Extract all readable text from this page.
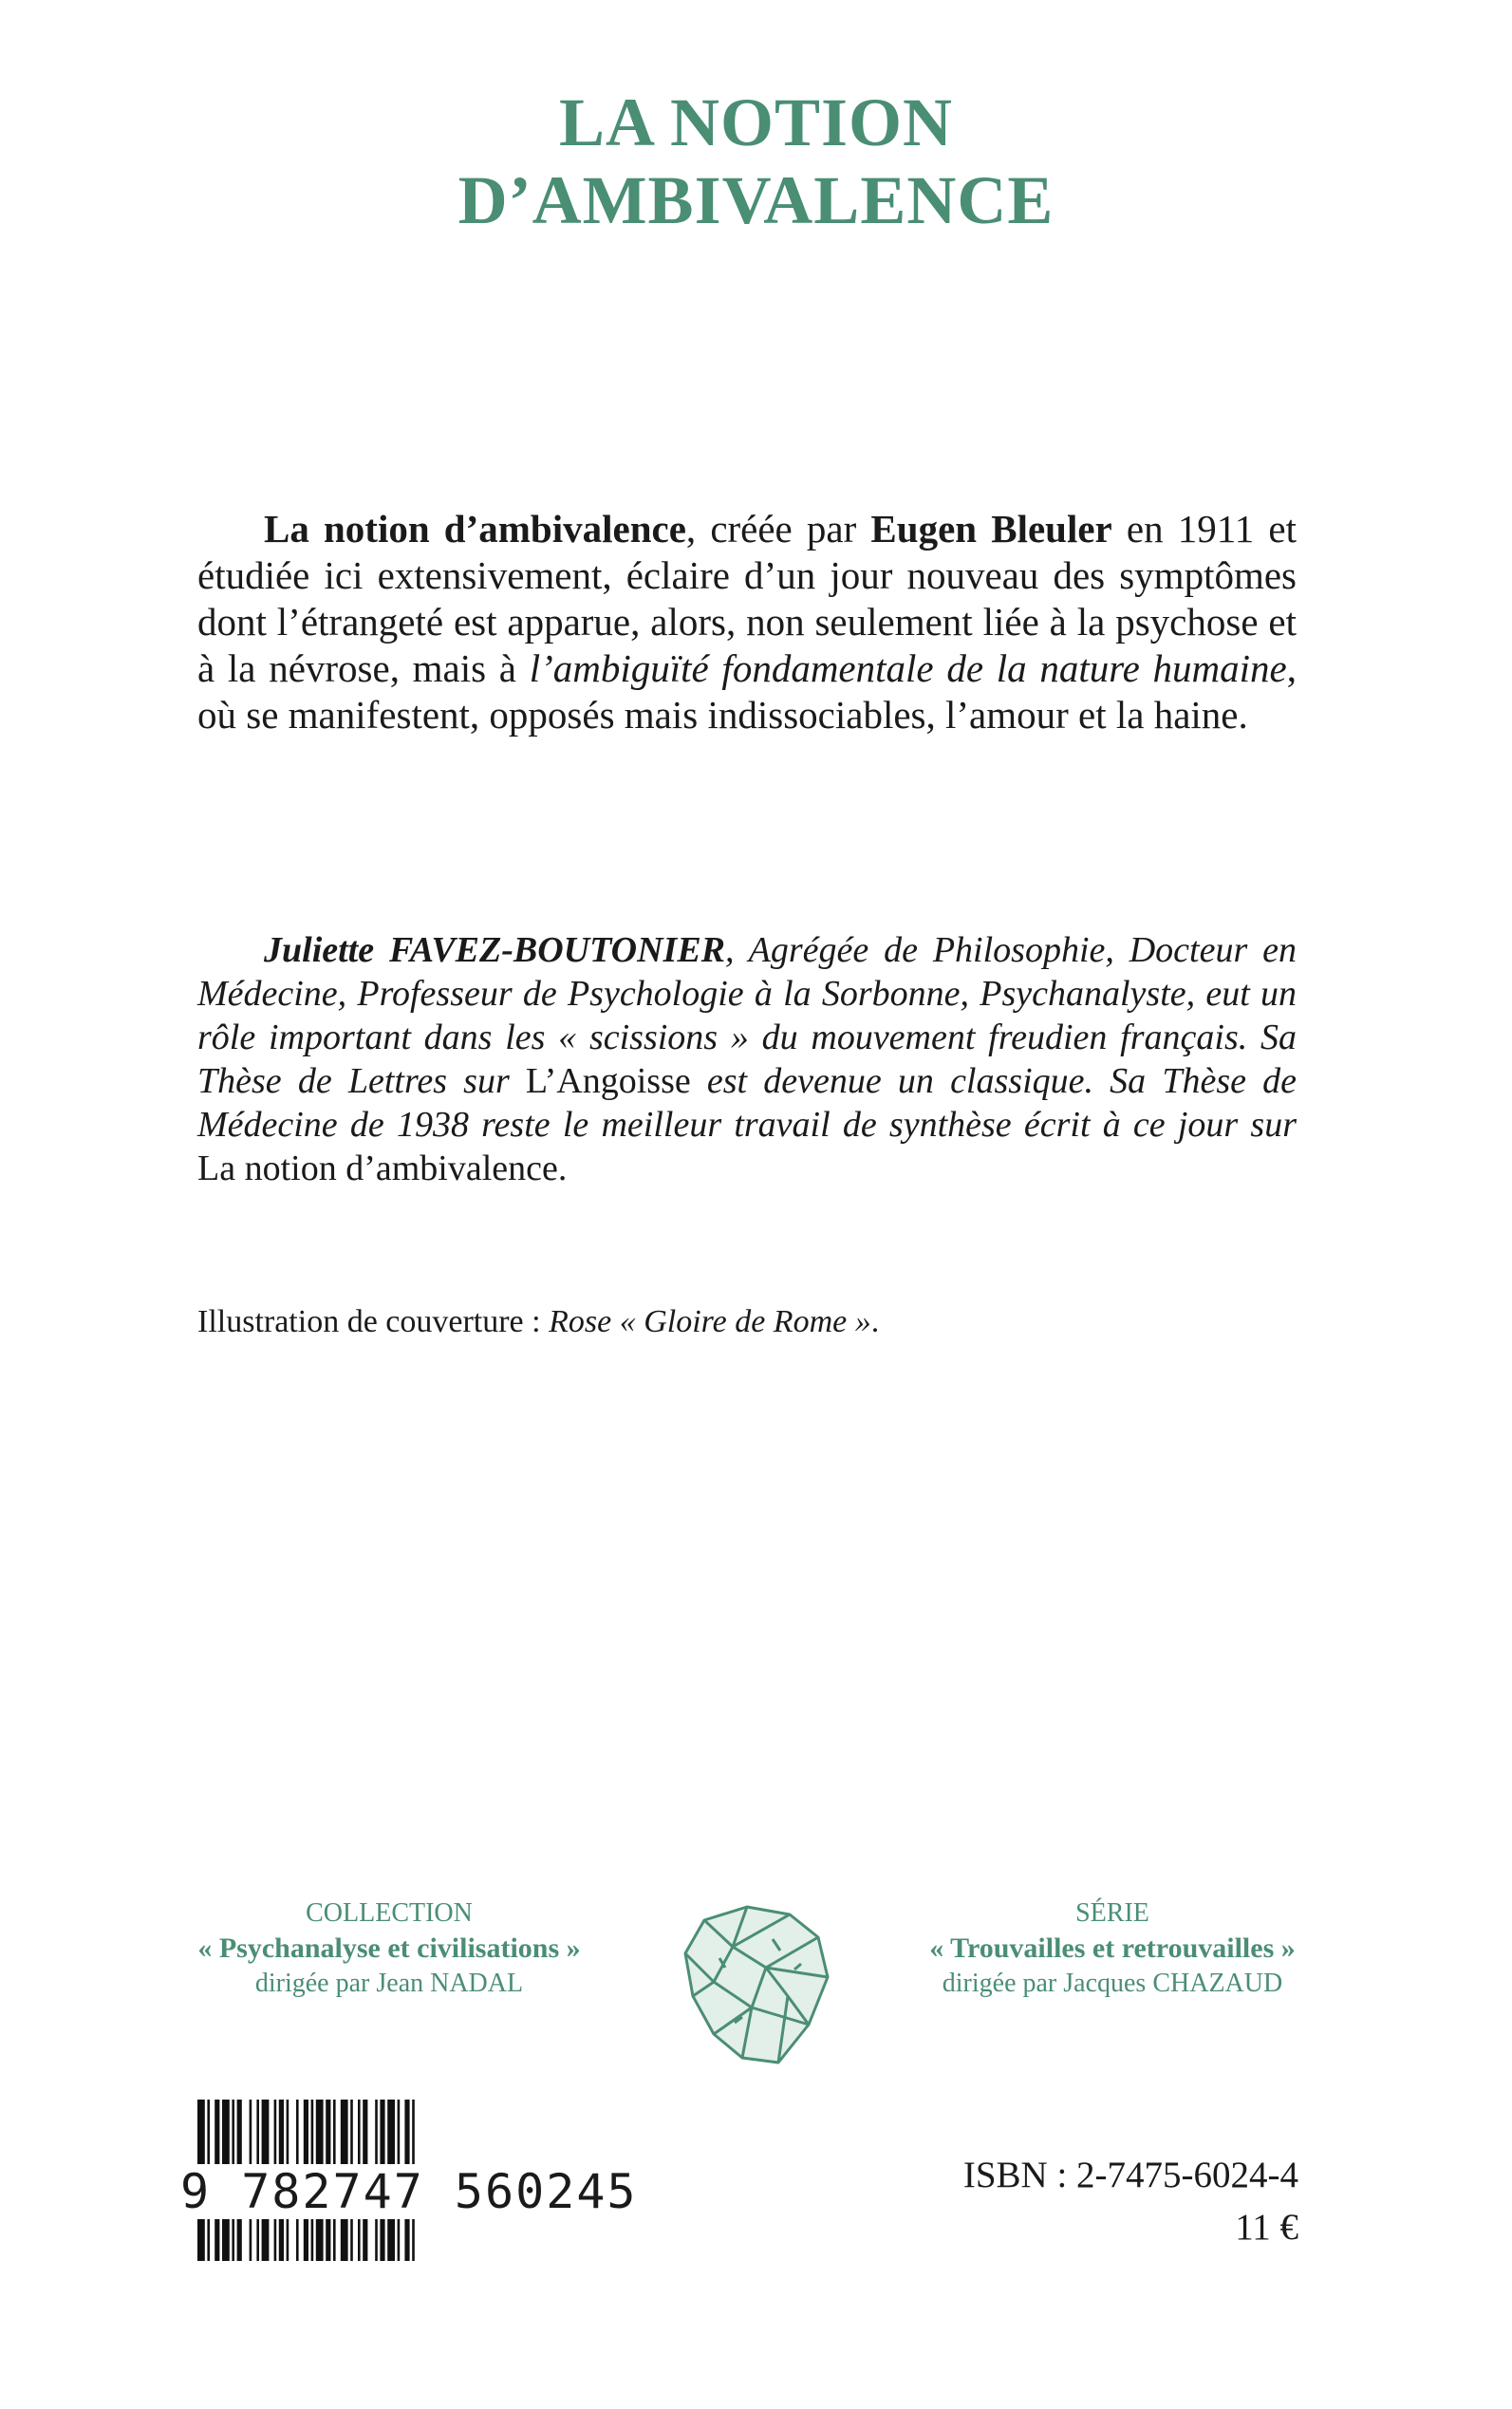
LA NOTION
D’AMBIVALENCE

La notion d’ambivalence, créée par Eugen Bleuler en 1911 et étudiée ici extensivement, éclaire d’un jour nouveau des symptômes dont l’étrangeté est apparue, alors, non seulement liée à la psychose et à la névrose, mais à l’ambiguïté fondamentale de la nature humaine, où se manifestent, opposés mais indissociables, l’amour et la haine.

Juliette FAVEZ-BOUTONIER, Agrégée de Philosophie, Docteur en Médecine, Professeur de Psychologie à la Sorbonne, Psychanalyste, eut un rôle important dans les « scissions » du mouvement freudien français. Sa Thèse de Lettres sur L’Angoisse est devenue un classique. Sa Thèse de Médecine de 1938 reste le meilleur travail de synthèse écrit à ce jour sur La notion d’ambivalence.

Illustration de couverture : Rose « Gloire de Rome ».
COLLECTION
« Psychanalyse et civilisations »
dirigée par Jean NADAL
SÉRIE
« Trouvailles et retrouvailles »
dirigée par Jacques CHAZAUD
9 782747 560245	ISBN : 2-7475-6024-4
11 €
